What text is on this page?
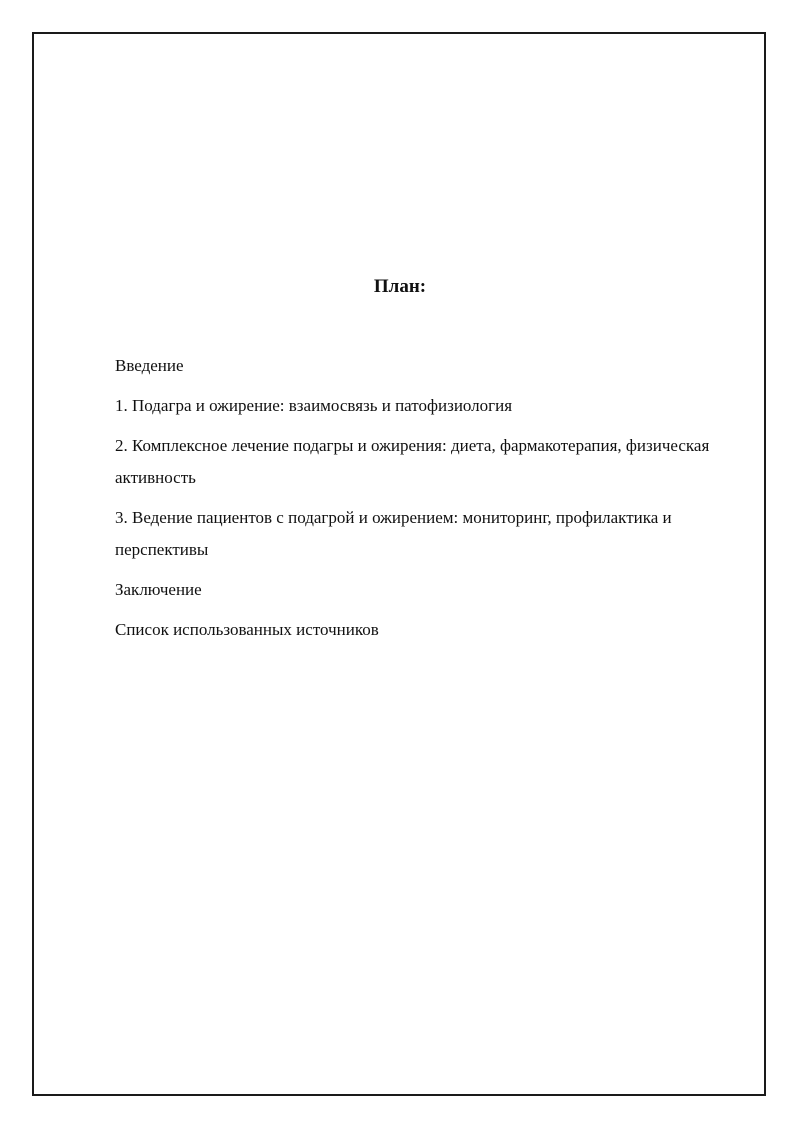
План:
Введение
1. Подагра и ожирение: взаимосвязь и патофизиология
2. Комплексное лечение подагры и ожирения: диета, фармакотерапия, физическая активность
3. Ведение пациентов с подагрой и ожирением: мониторинг, профилактика и перспективы
Заключение
Список использованных источников
